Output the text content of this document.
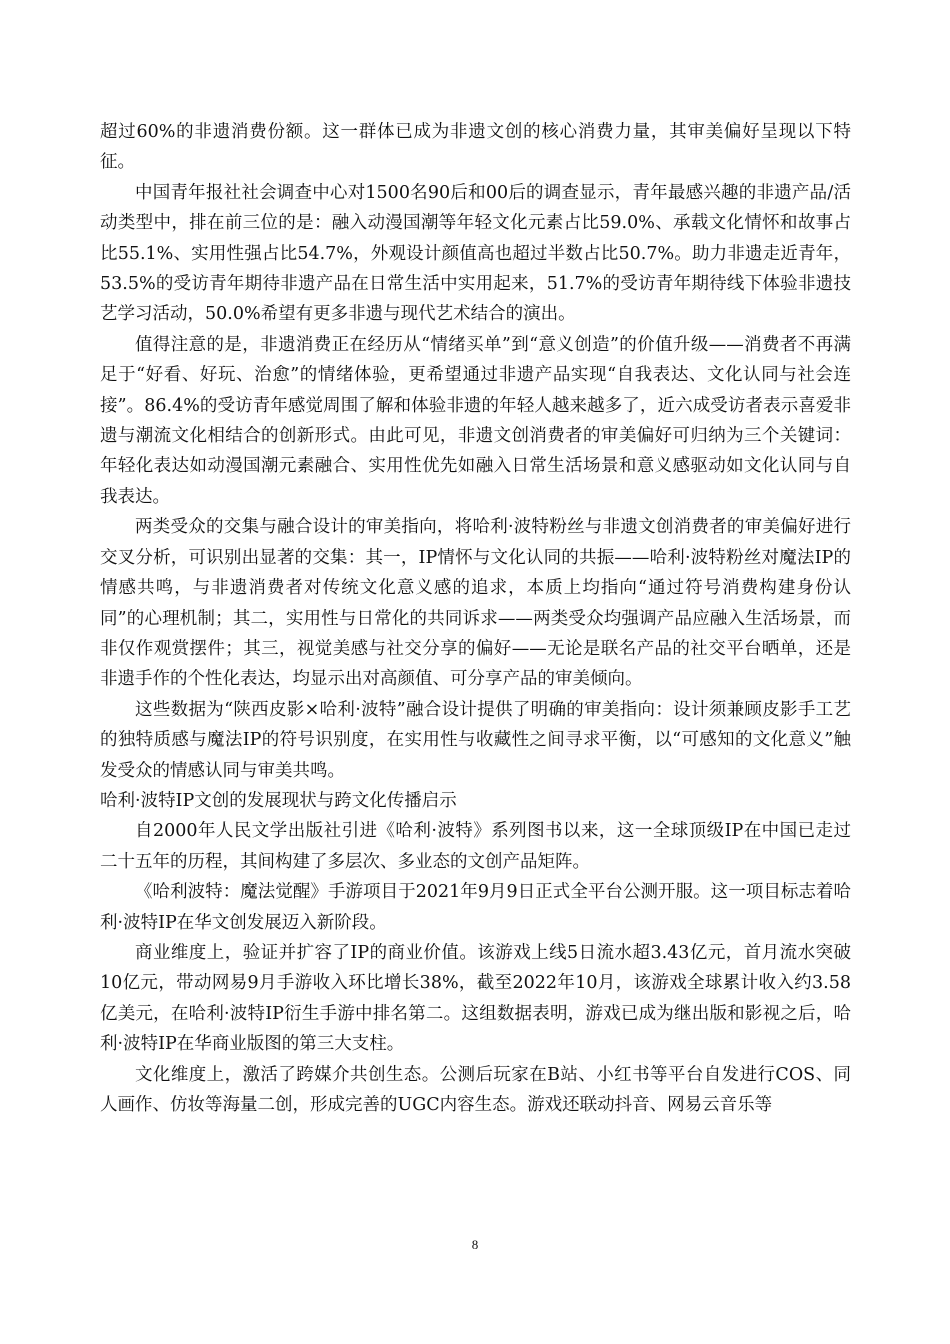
超过60%的非遗消费份额。这一群体已成为非遗文创的核心消费力量，其审美偏好呈现以下特征。

中国青年报社社会调查中心对1500名90后和00后的调查显示，青年最感兴趣的非遗产品/活动类型中，排在前三位的是：融入动漫国潮等年轻文化元素占比59.0%、承载文化情怀和故事占比55.1%、实用性强占比54.7%，外观设计颜值高也超过半数占比50.7%。助力非遗走近青年，53.5%的受访青年期待非遗产品在日常生活中实用起来，51.7%的受访青年期待线下体验非遗技艺学习活动，50.0%希望有更多非遗与现代艺术结合的演出。

值得注意的是，非遗消费正在经历从“情绪买单”到“意义创造”的价值升级——消费者不再满足于“好看、好玩、治愈”的情绪体验，更希望通过非遗产品实现“自我表达、文化认同与社会连接”。86.4%的受访青年感觉周围了解和体验非遗的年轻人越来越多了，近六成受访者表示喜爱非遗与潮流文化相结合的创新形式。由此可见，非遗文创消费者的审美偏好可归纳为三个关键词：年轻化表达如动漫国潮元素融合、实用性优先如融入日常生活场景和意义感驱动如文化认同与自我表达。

两类受众的交集与融合设计的审美指向，将哈利·波特粉丝与非遗文创消费者的审美偏好进行交叉分析，可识别出显著的交集：其一，IP情怀与文化认同的共振——哈利·波特粉丝对魔法IP的情感共鸣，与非遗消费者对传统文化意义感的追求，本质上均指向“通过符号消费构建身份认同”的心理机制；其二，实用性与日常化的共同诉求——两类受众均强调产品应融入生活场景，而非仅作观赏摆件；其三，视觉美感与社交分享的偏好——无论是联名产品的社交平台晒单，还是非遗手作的个性化表达，均显示出对高颜值、可分享产品的审美倾向。

这些数据为“陕西皮影×哈利·波特”融合设计提供了明确的审美指向：设计须兼顾皮影手工艺的独特质感与魔法IP的符号识别度，在实用性与收藏性之间寻求平衡，以“可感知的文化意义”触发受众的情感认同与审美共鸣。

哈利·波特IP文创的发展现状与跨文化传播启示

自2000年人民文学出版社引进《哈利·波特》系列图书以来，这一全球顶级IP在中国已走过二十五年的历程，其间构建了多层次、多业态的文创产品矩阵。

《哈利波特：魔法觉醒》手游项目于2021年9月9日正式全平台公测开服。这一项目标志着哈利·波特IP在华文创发展迈入新阶段。

商业维度上，验证并扩容了IP的商业价值。该游戏上线5日流水超3.43亿元，首月流水突破10亿元，带动网易9月手游收入环比增长38%，截至2022年10月，该游戏全球累计收入约3.58亿美元，在哈利·波特IP衍生手游中排名第二。这组数据表明，游戏已成为继出版和影视之后，哈利·波特IP在华商业版图的第三大支柱。

文化维度上，激活了跨媒介共创生态。公测后玩家在B站、小红书等平台自发进行COS、同人画作、仿妆等海量二创，形成完善的UGC内容生态。游戏还联动抖音、网易云音乐等

8
